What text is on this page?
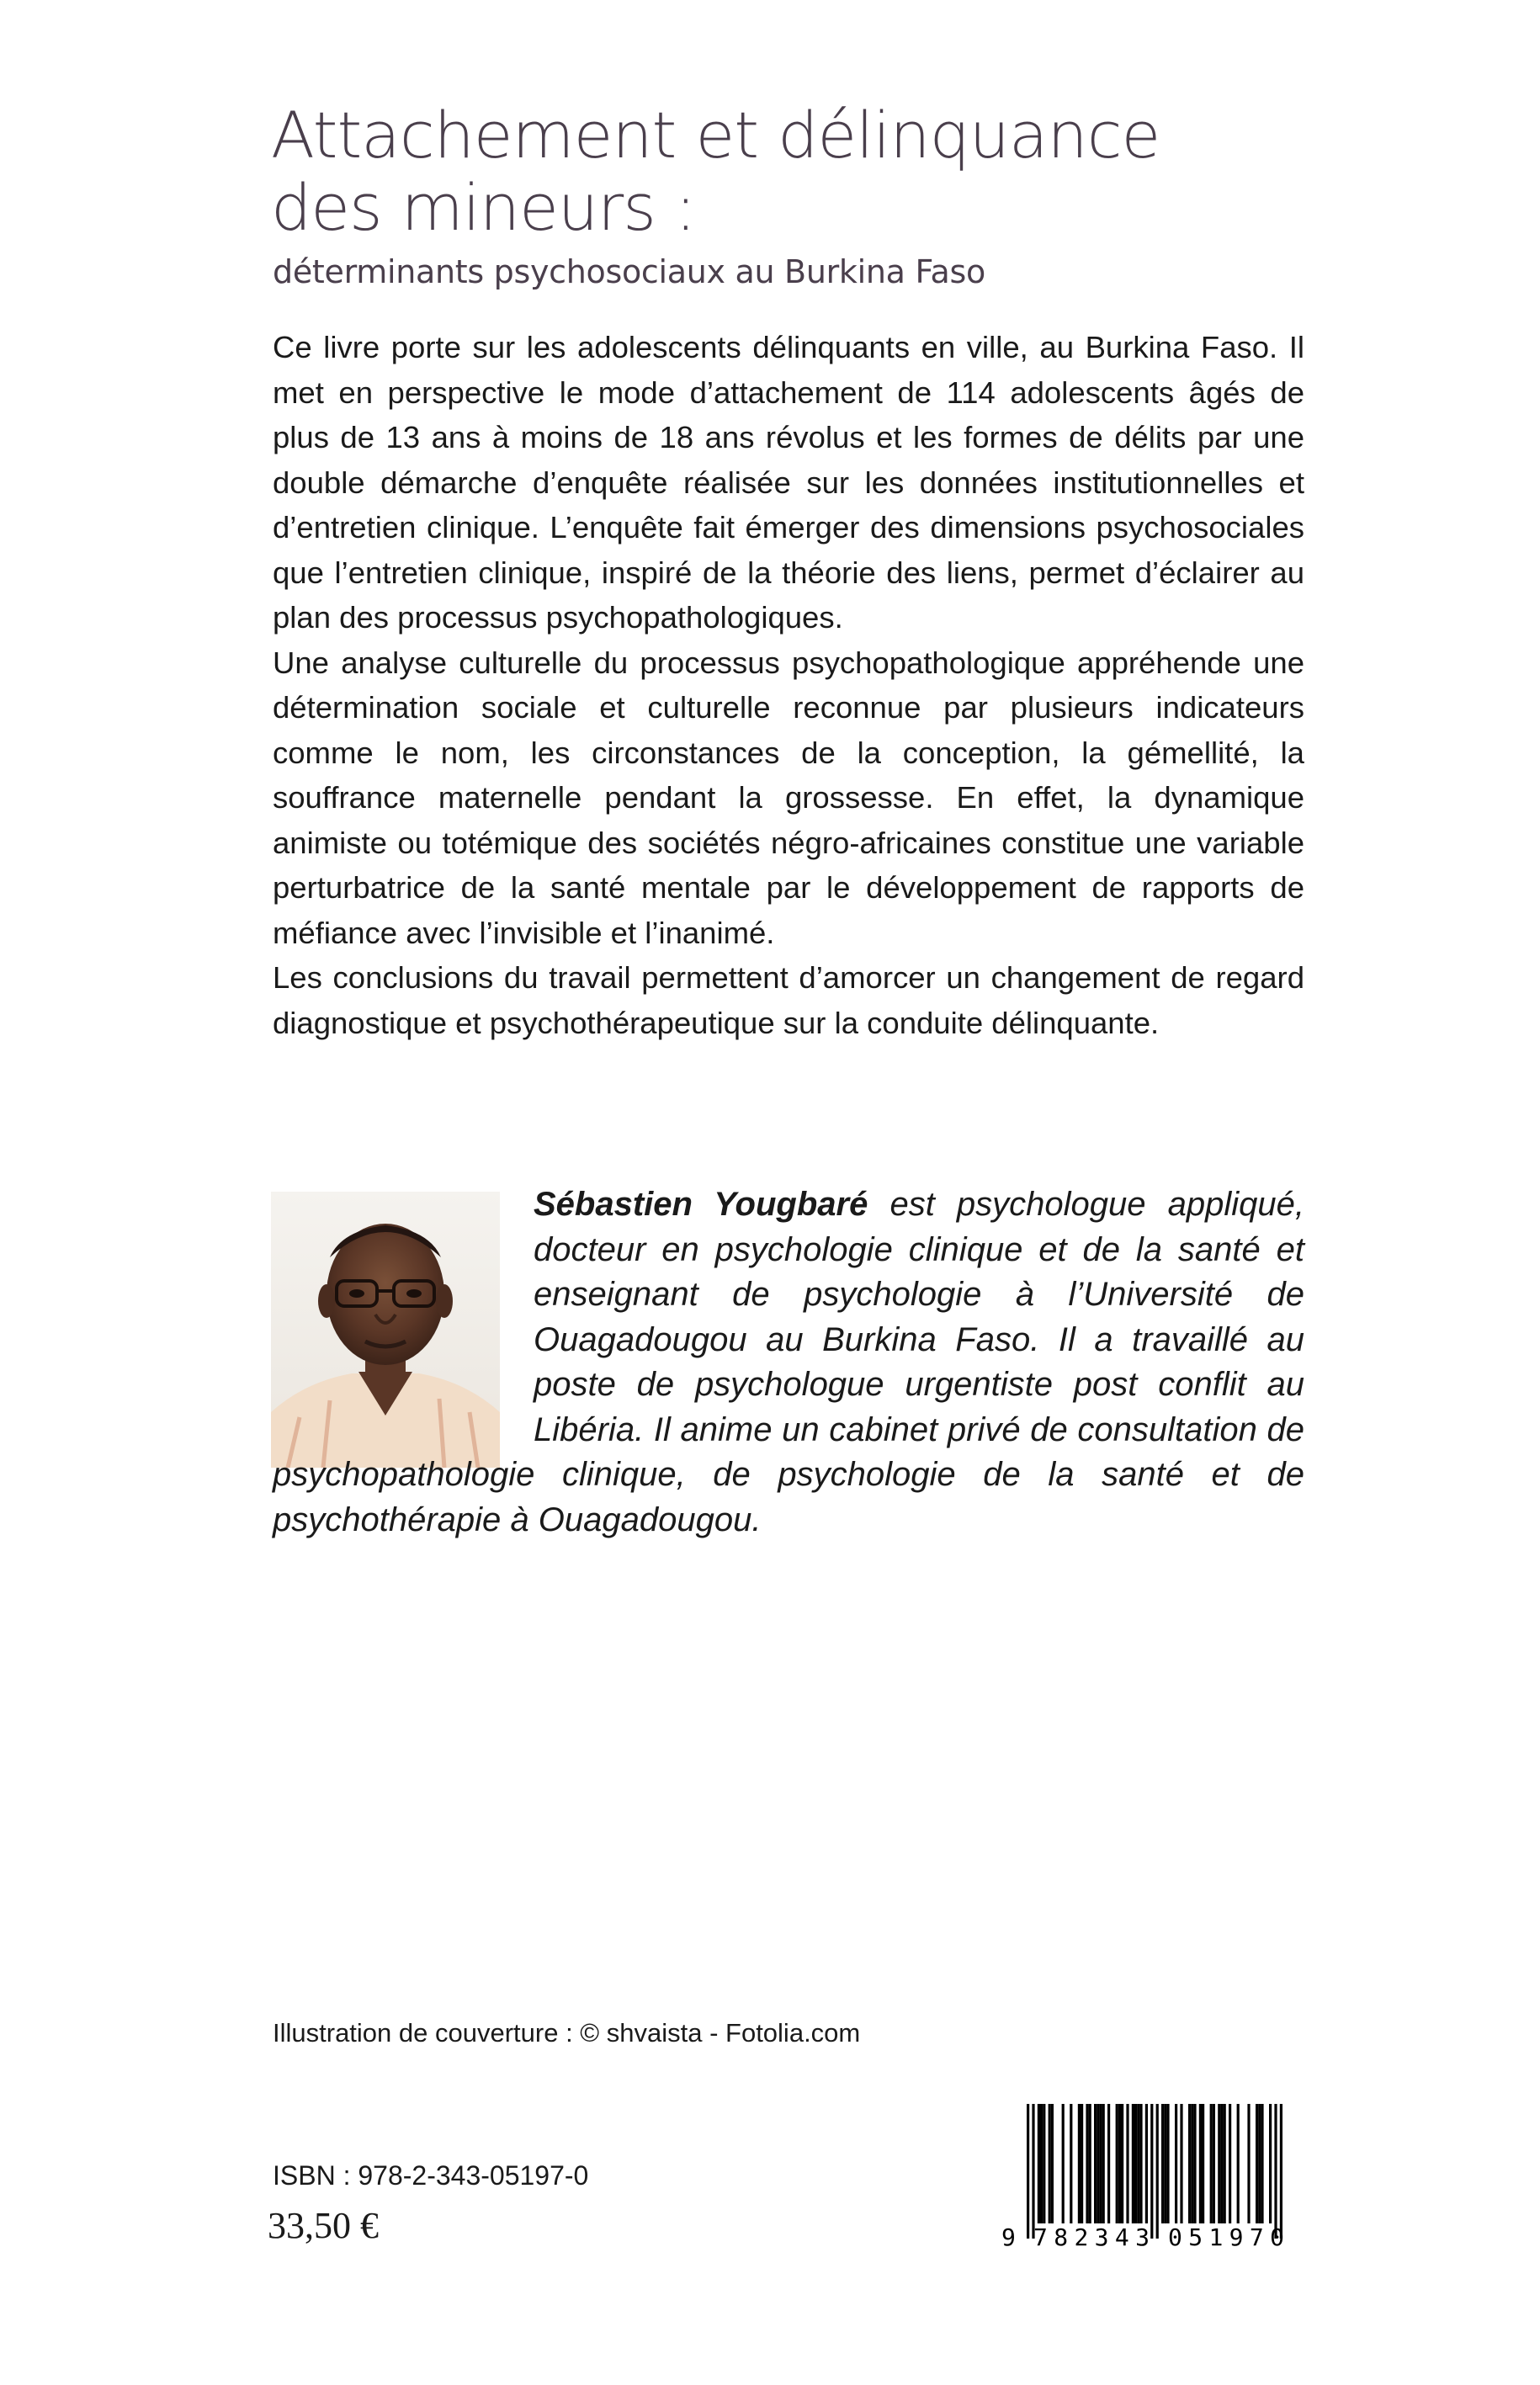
Attachement et délinquance
des mineurs :

déterminants psychosociaux au Burkina Faso

Ce livre porte sur les adolescents délinquants en ville, au Burkina Faso. Il met en perspective le mode d’attachement de 114 adolescents âgés de plus de 13 ans à moins de 18 ans révolus et les formes de délits par une double démarche d’enquête réalisée sur les données institutionnelles et d’entretien clinique. L’enquête fait émerger des dimensions psychosociales que l’entretien clinique, inspiré de la théorie des liens, permet d’éclairer au plan des processus psychopathologiques.

Une analyse culturelle du processus psychopathologique appréhende une détermination sociale et culturelle reconnue par plusieurs indicateurs comme le nom, les circonstances de la conception, la gémellité, la souffrance maternelle pendant la grossesse. En effet, la dynamique animiste ou totémique des sociétés négro-africaines constitue une variable perturbatrice de la santé mentale par le développement de rapports de méfiance avec l’invisible et l’inanimé.

Les conclusions du travail permettent d’amorcer un changement de regard diagnostique et psychothérapeutique sur la conduite délinquante.

Sébastien Yougbaré est psychologue appliqué, docteur en psychologie clinique et de la santé et enseignant de psychologie à l’Université de Ouagadougou au Burkina Faso. Il a travaillé au poste de psychologue urgentiste post conflit au Libéria. Il anime un cabinet privé de consultation de psychopathologie clinique, de psychologie de la santé et de psychothérapie à Ouagadougou.

Illustration de couverture : © shvaista - Fotolia.com

ISBN : 978-2-343-05197-0

33,50 €	9 782343 051970
